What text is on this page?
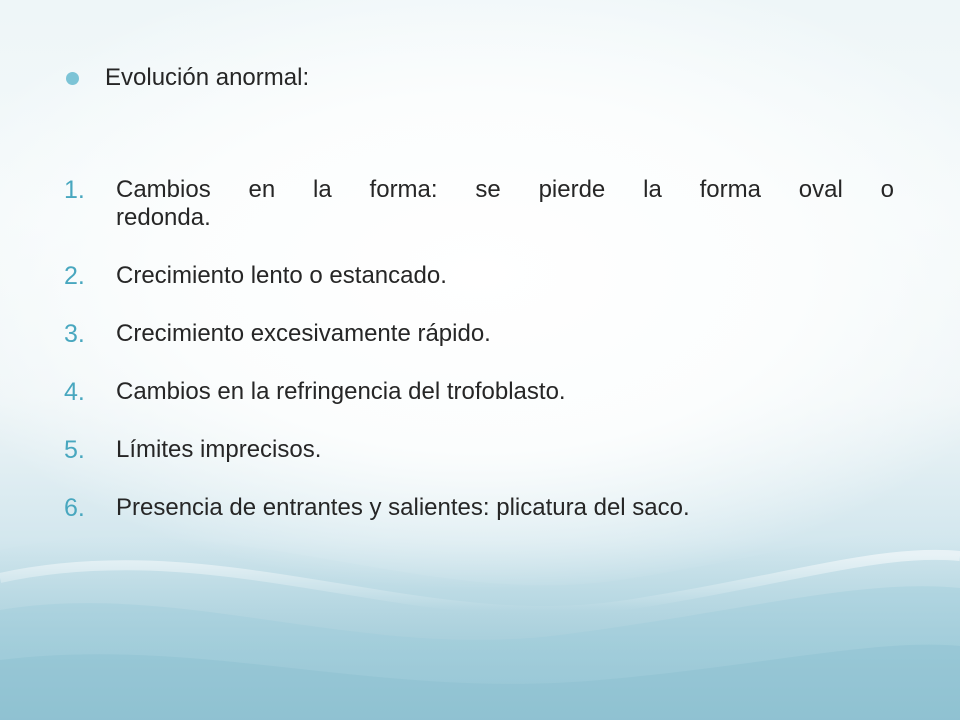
Evolución anormal:
1.	Cambios en la forma: se pierde la forma oval o
redonda.
2.	Crecimiento lento o estancado.
3.	Crecimiento excesivamente rápido.
4.	Cambios en la refringencia del trofoblasto.
5.	Límites imprecisos.
6.	Presencia de entrantes y salientes: plicatura del saco.
